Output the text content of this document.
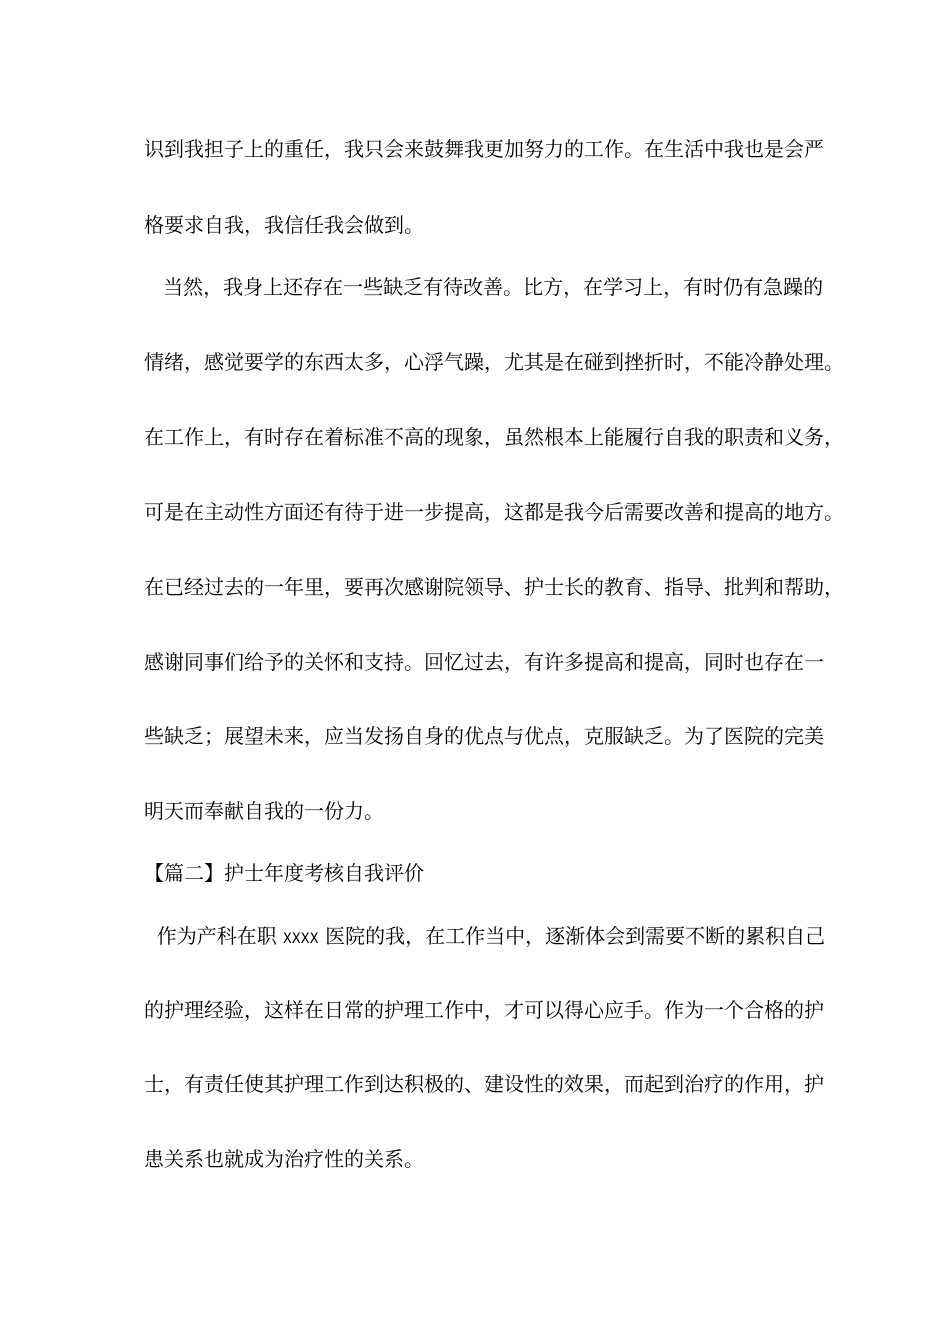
识到我担子上的重任，我只会来鼓舞我更加努力的工作。在生活中我也是会严
格要求自我，我信任我会做到。
当然，我身上还存在一些缺乏有待改善。比方，在学习上，有时仍有急躁的
情绪，感觉要学的东西太多，心浮气躁，尤其是在碰到挫折时，不能冷静处理。
在工作上，有时存在着标准不高的现象，虽然根本上能履行自我的职责和义务，
可是在主动性方面还有待于进一步提高，这都是我今后需要改善和提高的地方。
在已经过去的一年里，要再次感谢院领导、护士长的教育、指导、批判和帮助，
感谢同事们给予的关怀和支持。回忆过去，有许多提高和提高，同时也存在一
些缺乏；展望未来，应当发扬自身的优点与优点，克服缺乏。为了医院的完美
明天而奉献自我的一份力。
【篇二】护士年度考核自我评价
作为产科在职 XXXX 医院的我，在工作当中，逐渐体会到需要不断的累积自己
的护理经验，这样在日常的护理工作中，才可以得心应手。作为一个合格的护
士，有责任使其护理工作到达积极的、建设性的效果，而起到治疗的作用，护
患关系也就成为治疗性的关系。
